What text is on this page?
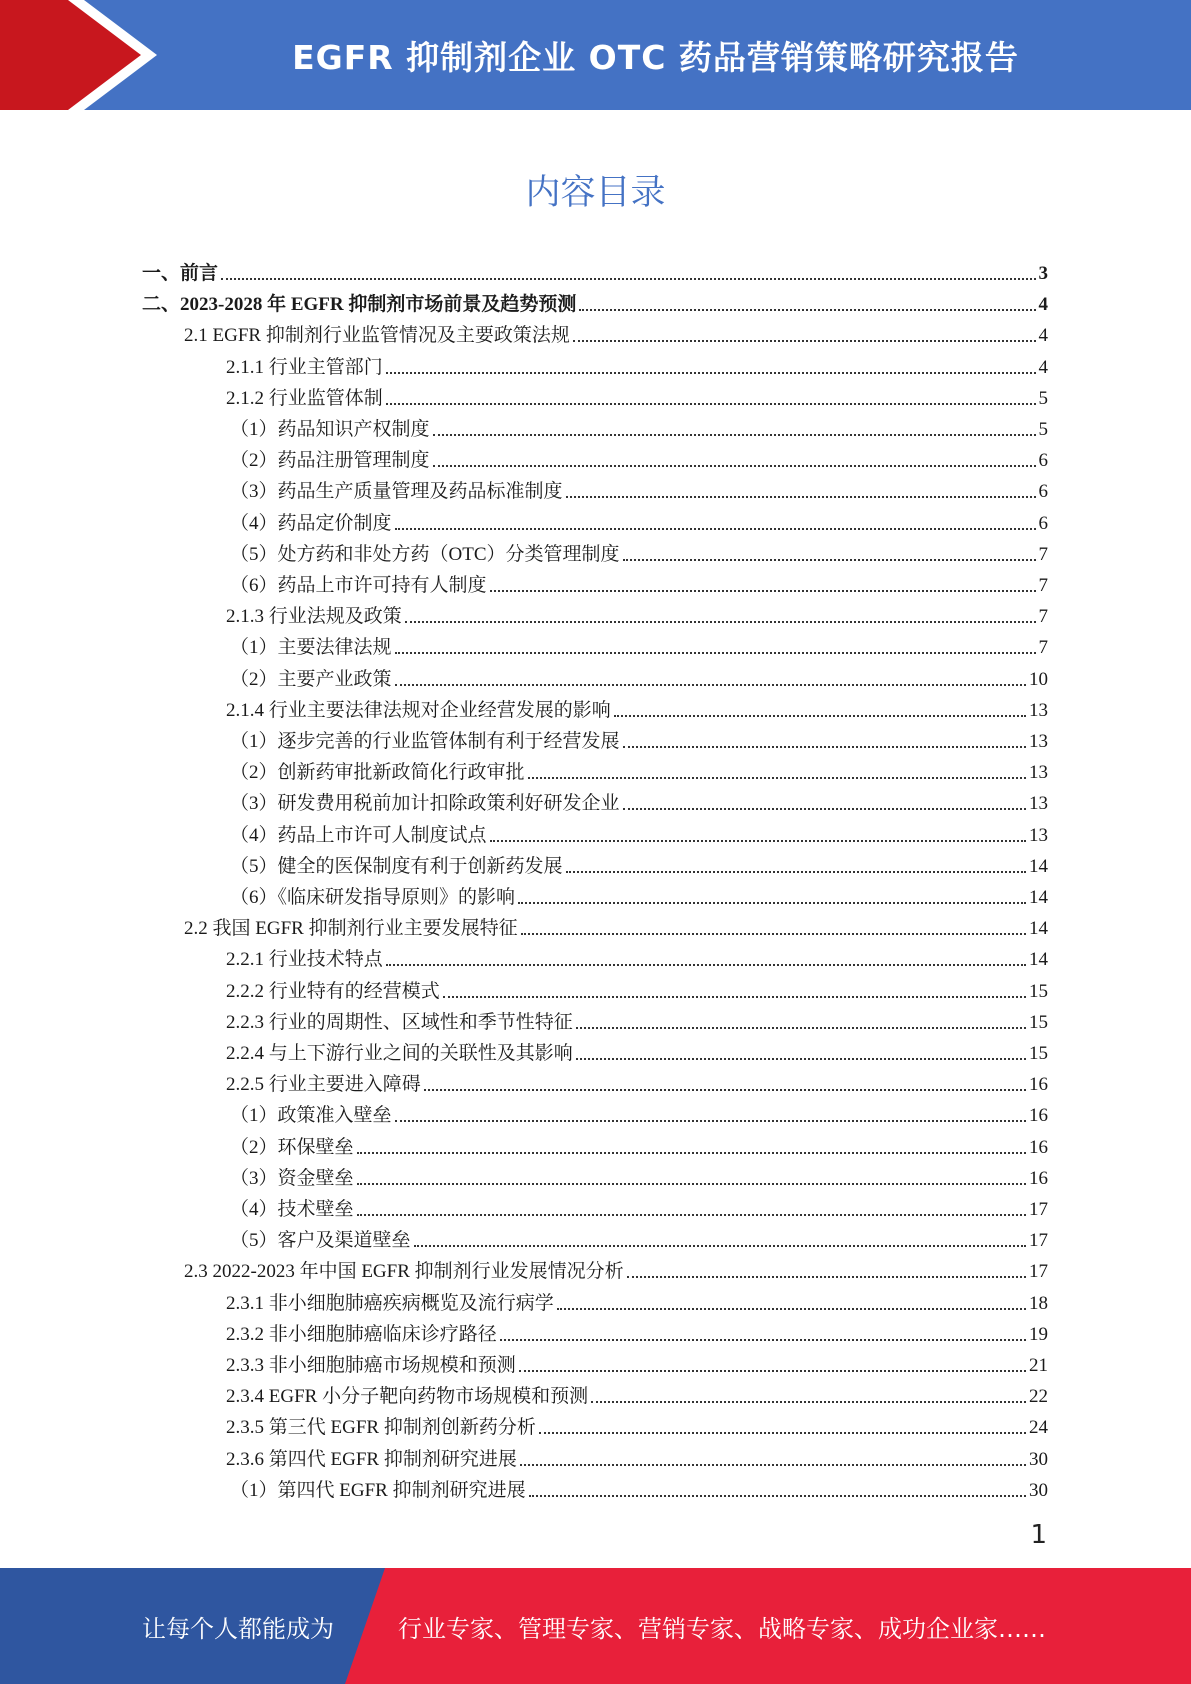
EGFR 抑制剂企业 OTC 药品营销策略研究报告
内容目录
一、前言	3
二、2023-2028 年 EGFR 抑制剂市场前景及趋势预测	4
2.1 EGFR 抑制剂行业监管情况及主要政策法规	4
2.1.1 行业主管部门	4
2.1.2 行业监管体制	5
（1）药品知识产权制度	5
（2）药品注册管理制度	6
（3）药品生产质量管理及药品标准制度	6
（4）药品定价制度	6
（5）处方药和非处方药（OTC）分类管理制度	7
（6）药品上市许可持有人制度	7
2.1.3 行业法规及政策	7
（1）主要法律法规	7
（2）主要产业政策	10
2.1.4 行业主要法律法规对企业经营发展的影响	13
（1）逐步完善的行业监管体制有利于经营发展	13
（2）创新药审批新政简化行政审批	13
（3）研发费用税前加计扣除政策利好研发企业	13
（4）药品上市许可人制度试点	13
（5）健全的医保制度有利于创新药发展	14
（6）《临床研发指导原则》的影响	14
2.2 我国 EGFR 抑制剂行业主要发展特征	14
2.2.1 行业技术特点	14
2.2.2 行业特有的经营模式	15
2.2.3 行业的周期性、区域性和季节性特征	15
2.2.4 与上下游行业之间的关联性及其影响	15
2.2.5 行业主要进入障碍	16
（1）政策准入壁垒	16
（2）环保壁垒	16
（3）资金壁垒	16
（4）技术壁垒	17
（5）客户及渠道壁垒	17
2.3 2022-2023 年中国 EGFR 抑制剂行业发展情况分析	17
2.3.1 非小细胞肺癌疾病概览及流行病学	18
2.3.2 非小细胞肺癌临床诊疗路径	19
2.3.3 非小细胞肺癌市场规模和预测	21
2.3.4 EGFR 小分子靶向药物市场规模和预测	22
2.3.5 第三代 EGFR 抑制剂创新药分析	24
2.3.6 第四代 EGFR 抑制剂研究进展	30
（1）第四代 EGFR 抑制剂研究进展	30
1
让每个人都能成为	行业专家、管理专家、营销专家、战略专家、成功企业家……
